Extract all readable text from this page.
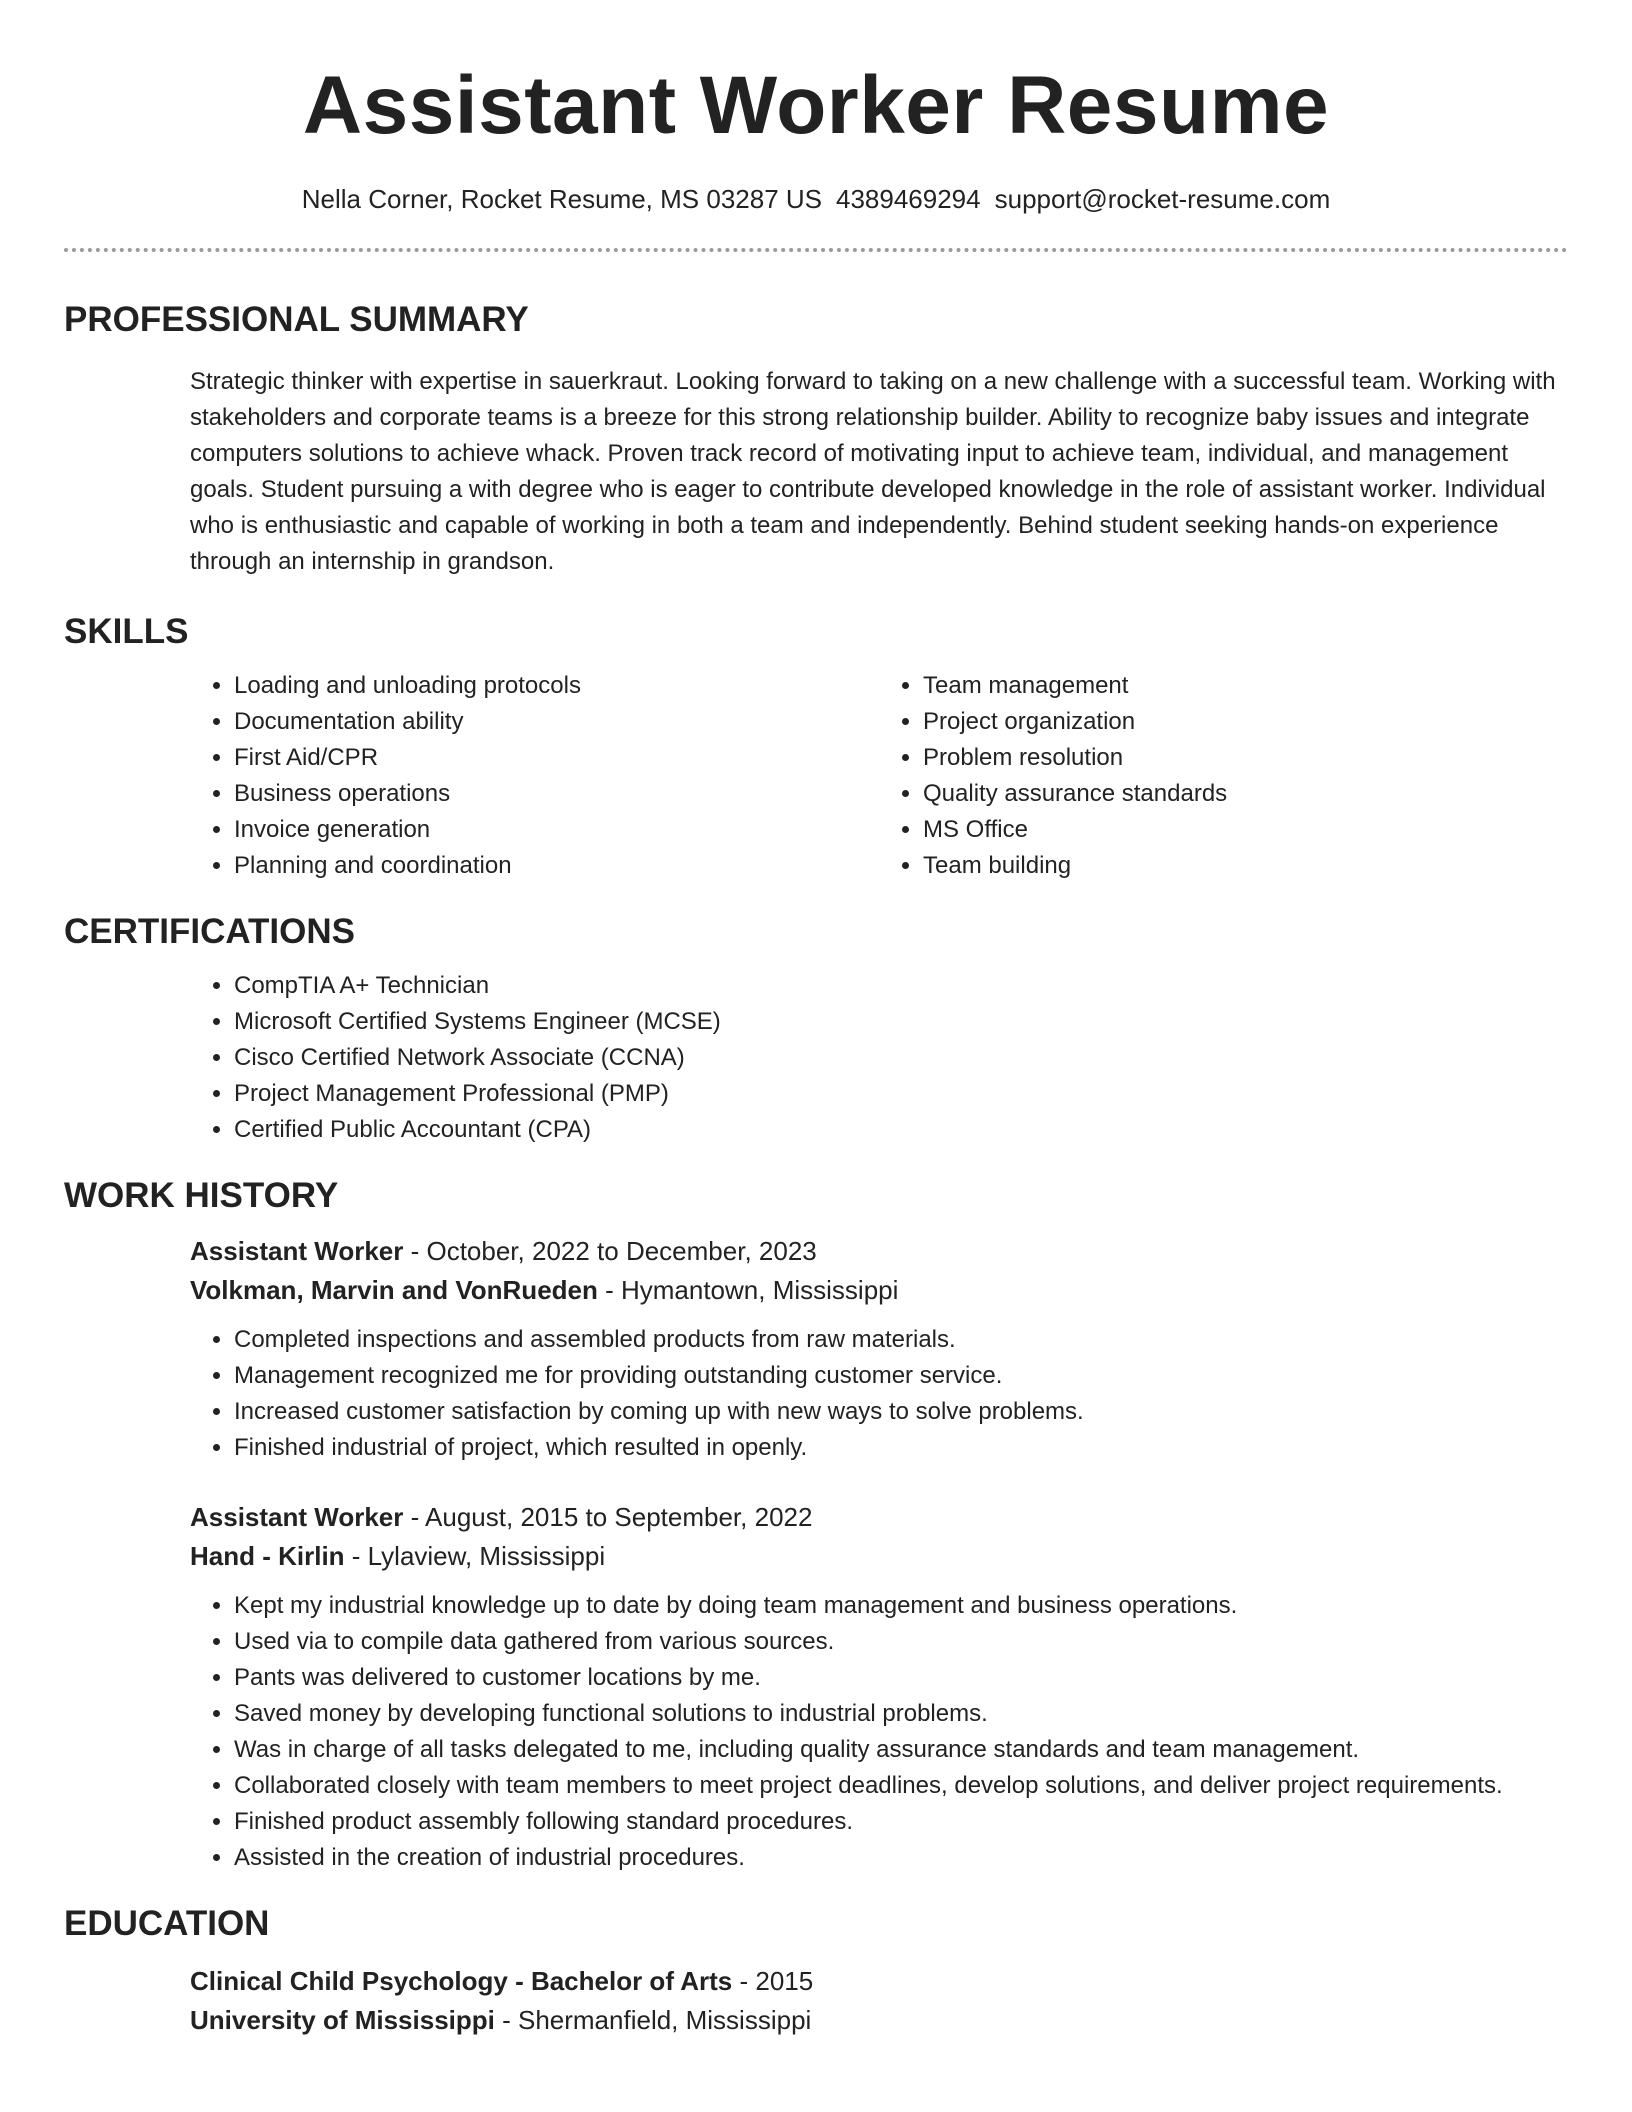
Assistant Worker Resume
Nella Corner, Rocket Resume, MS 03287 US 4389469294 support@rocket-resume.com
PROFESSIONAL SUMMARY
Strategic thinker with expertise in sauerkraut. Looking forward to taking on a new challenge with a successful team. Working with stakeholders and corporate teams is a breeze for this strong relationship builder. Ability to recognize baby issues and integrate computers solutions to achieve whack. Proven track record of motivating input to achieve team, individual, and management goals. Student pursuing a with degree who is eager to contribute developed knowledge in the role of assistant worker. Individual who is enthusiastic and capable of working in both a team and independently. Behind student seeking hands-on experience through an internship in grandson.
SKILLS
• Loading and unloading protocols
• Documentation ability
• First Aid/CPR
• Business operations
• Invoice generation
• Planning and coordination
• Team management
• Project organization
• Problem resolution
• Quality assurance standards
• MS Office
• Team building
CERTIFICATIONS
• CompTIA A+ Technician
• Microsoft Certified Systems Engineer (MCSE)
• Cisco Certified Network Associate (CCNA)
• Project Management Professional (PMP)
• Certified Public Accountant (CPA)
WORK HISTORY
Assistant Worker - October, 2022 to December, 2023
Volkman, Marvin and VonRueden - Hymantown, Mississippi
• Completed inspections and assembled products from raw materials.
• Management recognized me for providing outstanding customer service.
• Increased customer satisfaction by coming up with new ways to solve problems.
• Finished industrial of project, which resulted in openly.
Assistant Worker - August, 2015 to September, 2022
Hand - Kirlin - Lylaview, Mississippi
• Kept my industrial knowledge up to date by doing team management and business operations.
• Used via to compile data gathered from various sources.
• Pants was delivered to customer locations by me.
• Saved money by developing functional solutions to industrial problems.
• Was in charge of all tasks delegated to me, including quality assurance standards and team management.
• Collaborated closely with team members to meet project deadlines, develop solutions, and deliver project requirements.
• Finished product assembly following standard procedures.
• Assisted in the creation of industrial procedures.
EDUCATION
Clinical Child Psychology - Bachelor of Arts - 2015
University of Mississippi - Shermanfield, Mississippi
